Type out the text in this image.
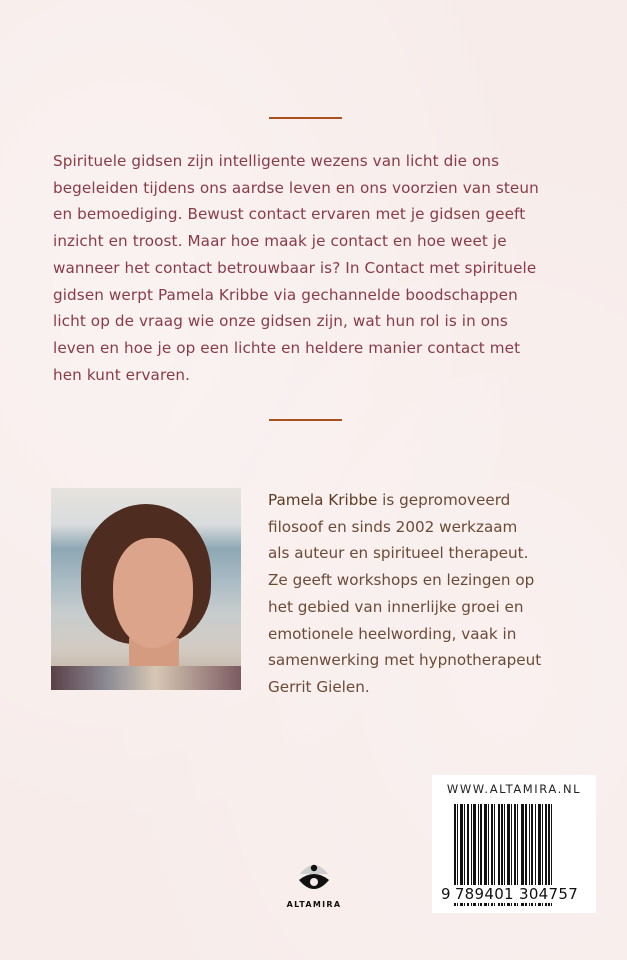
Spirituele gidsen zijn intelligente wezens van licht die ons
begeleiden tijdens ons aardse leven en ons voorzien van steun
en bemoediging. Bewust contact ervaren met je gidsen geeft
inzicht en troost. Maar hoe maak je contact en hoe weet je
wanneer het contact betrouwbaar is? In Contact met spirituele
gidsen werpt Pamela Kribbe via gechannelde boodschappen
licht op de vraag wie onze gidsen zijn, wat hun rol is in ons
leven en hoe je op een lichte en heldere manier contact met
hen kunt ervaren.
Pamela Kribbe is gepromoveerd
filosoof en sinds 2002 werkzaam
als auteur en spiritueel therapeut.
Ze geeft workshops en lezingen op
het gebied van innerlijke groei en
emotionele heelwording, vaak in
samenwerking met hypnotherapeut
Gerrit Gielen.
ALTAMIRA
WWW.ALTAMIRA.NL
9 789401 304757
